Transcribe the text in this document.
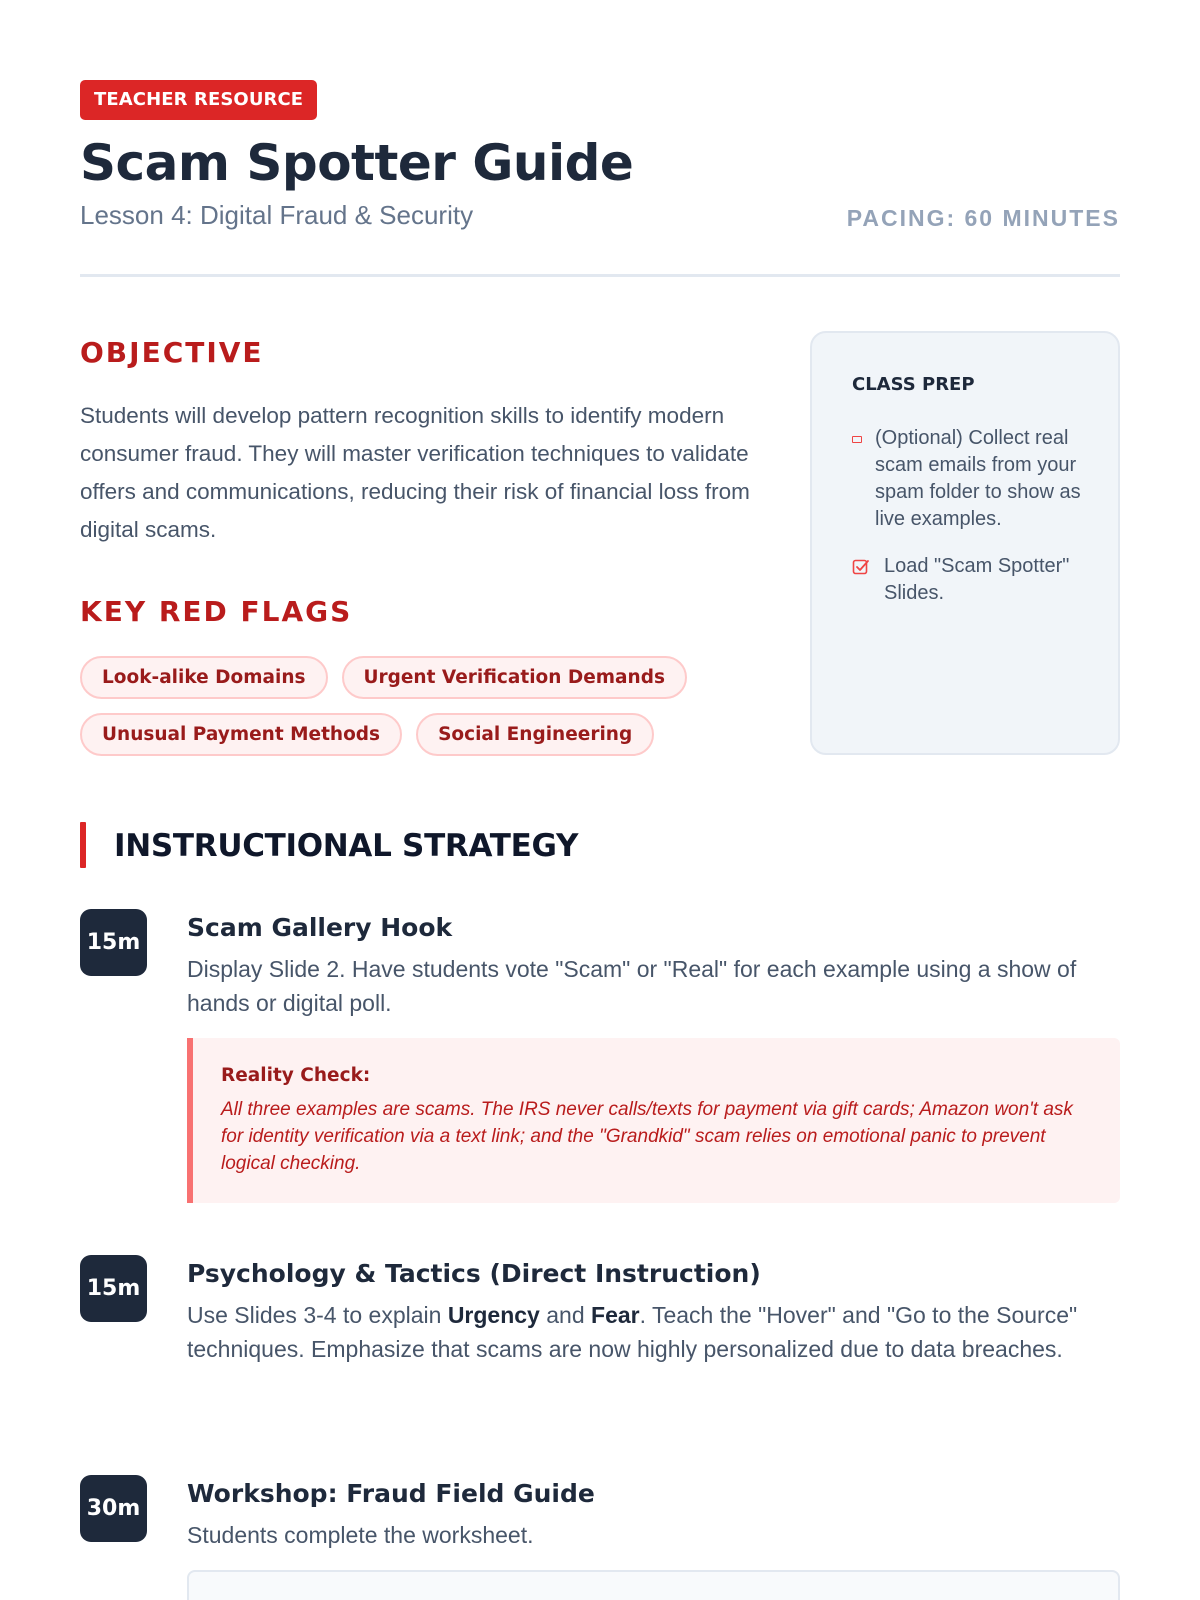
TEACHER RESOURCE
Scam Spotter Guide
Lesson 4: Digital Fraud & Security	PACING: 60 MINUTES
OBJECTIVE

Students will develop pattern recognition skills to identify modern consumer fraud. They will master verification techniques to validate offers and communications, reducing their risk of financial loss from digital scams.

KEY RED FLAGS
Look-alike Domains	Urgent Verification Demands
Unusual Payment Methods	Social Engineering
CLASS PREP
(Optional) Collect real scam emails from your spam folder to show as live examples.
Load "Scam Spotter" Slides.
INSTRUCTIONAL STRATEGY
15m
Scam Gallery Hook

Display Slide 2. Have students vote "Scam" or "Real" for each example using a show of hands or digital poll.

Reality Check:

All three examples are scams. The IRS never calls/texts for payment via gift cards; Amazon won't ask for identity verification via a text link; and the "Grandkid" scam relies on emotional panic to prevent logical checking.

15m
Psychology & Tactics (Direct Instruction)

Use Slides 3-4 to explain Urgency and Fear. Teach the "Hover" and "Go to the Source" techniques. Emphasize that scams are now highly personalized due to data breaches.

30m
Workshop: Fraud Field Guide

Students complete the worksheet.
